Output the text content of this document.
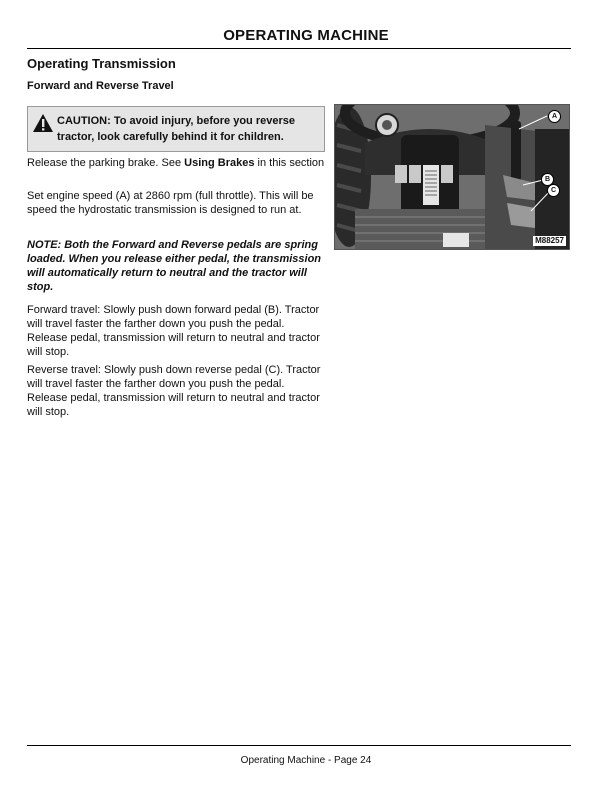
OPERATING MACHINE
Operating Transmission
Forward and Reverse Travel
CAUTION: To avoid injury, before you reverse
tractor, look carefully behind it for children.

Release the parking brake. See Using Brakes in this section

Set engine speed (A) at 2860 rpm (full throttle). This will be speed the hydrostatic transmission is designed to run at.

NOTE: Both the Forward and Reverse pedals are spring loaded. When you release either pedal, the transmission will automatically return to neutral and the tractor will stop.

Forward travel: Slowly push down forward pedal (B). Tractor will travel faster the farther down you push the pedal. Release pedal, transmission will return to neutral and tractor will stop.

Reverse travel: Slowly push down reverse pedal (C). Tractor will travel faster the farther down you push the pedal. Release pedal, transmission will return to neutral and tractor will stop.

A
B
C
M88257
Operating Machine - Page 24
